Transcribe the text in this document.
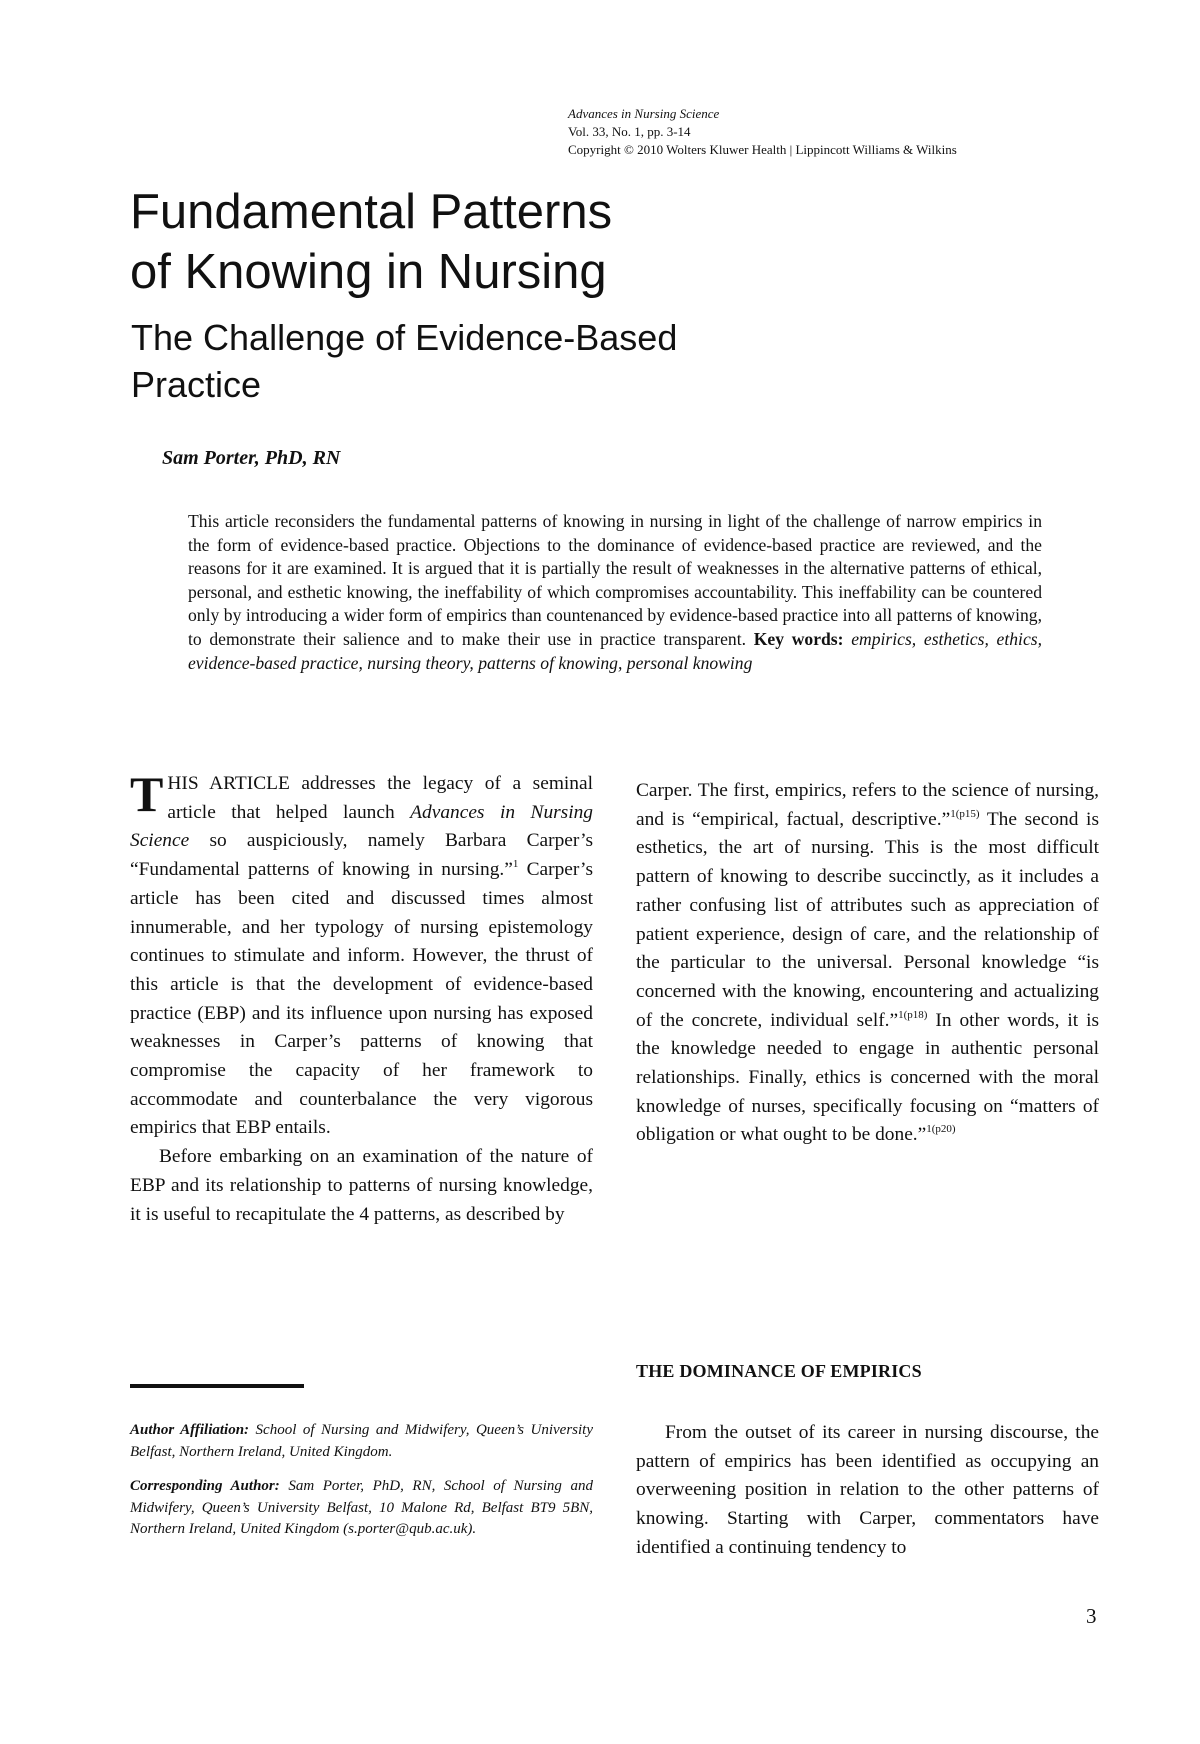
Advances in Nursing Science
Vol. 33, No. 1, pp. 3-14
Copyright © 2010 Wolters Kluwer Health | Lippincott Williams & Wilkins
Fundamental Patterns
of Knowing in Nursing
The Challenge of Evidence-Based
Practice
Sam Porter, PhD, RN
This article reconsiders the fundamental patterns of knowing in nursing in light of the challenge of narrow empirics in the form of evidence-based practice. Objections to the dominance of evidence-based practice are reviewed, and the reasons for it are examined. It is argued that it is partially the result of weaknesses in the alternative patterns of ethical, personal, and esthetic knowing, the ineffability of which compromises accountability. This ineffability can be countered only by introducing a wider form of empirics than countenanced by evidence-based practice into all patterns of knowing, to demonstrate their salience and to make their use in practice transparent. Key words: empirics, esthetics, ethics, evidence-based practice, nursing theory, patterns of knowing, personal knowing

THIS ARTICLE addresses the legacy of a seminal article that helped launch Advances in Nursing Science so auspiciously, namely Barbara Carper’s “Fundamental patterns of knowing in nursing.”$^1$ Carper’s article has been cited and discussed times almost innumerable, and her typology of nursing epistemology continues to stimulate and inform. However, the thrust of this article is that the development of evidence-based practice (EBP) and its influence upon nursing has exposed weaknesses in Carper’s patterns of knowing that compromise the capacity of her framework to accommodate and counterbalance the very vigorous empirics that EBP entails.

Before embarking on an examination of the nature of EBP and its relationship to patterns of nursing knowledge, it is useful to recapitulate the 4 patterns, as described by

Carper. The first, empirics, refers to the science of nursing, and is “empirical, factual, descriptive.”$^{1(p15)}$ The second is esthetics, the art of nursing. This is the most difficult pattern of knowing to describe succinctly, as it includes a rather confusing list of attributes such as appreciation of patient experience, design of care, and the relationship of the particular to the universal. Personal knowledge “is concerned with the knowing, encountering and actualizing of the concrete, individual self.”$^{1(p18)}$ In other words, it is the knowledge needed to engage in authentic personal relationships. Finally, ethics is concerned with the moral knowledge of nurses, specifically focusing on “matters of obligation or what ought to be done.”$^{1(p20)}$

THE DOMINANCE OF EMPIRICS

From the outset of its career in nursing discourse, the pattern of empirics has been identified as occupying an overweening position in relation to the other patterns of knowing. Starting with Carper, commentators have identified a continuing tendency to

Author Affiliation: School of Nursing and Midwifery, Queen’s University Belfast, Northern Ireland, United Kingdom.

Corresponding Author: Sam Porter, PhD, RN, School of Nursing and Midwifery, Queen’s University Belfast, 10 Malone Rd, Belfast BT9 5BN, Northern Ireland, United Kingdom (s.porter@qub.ac.uk).

3
